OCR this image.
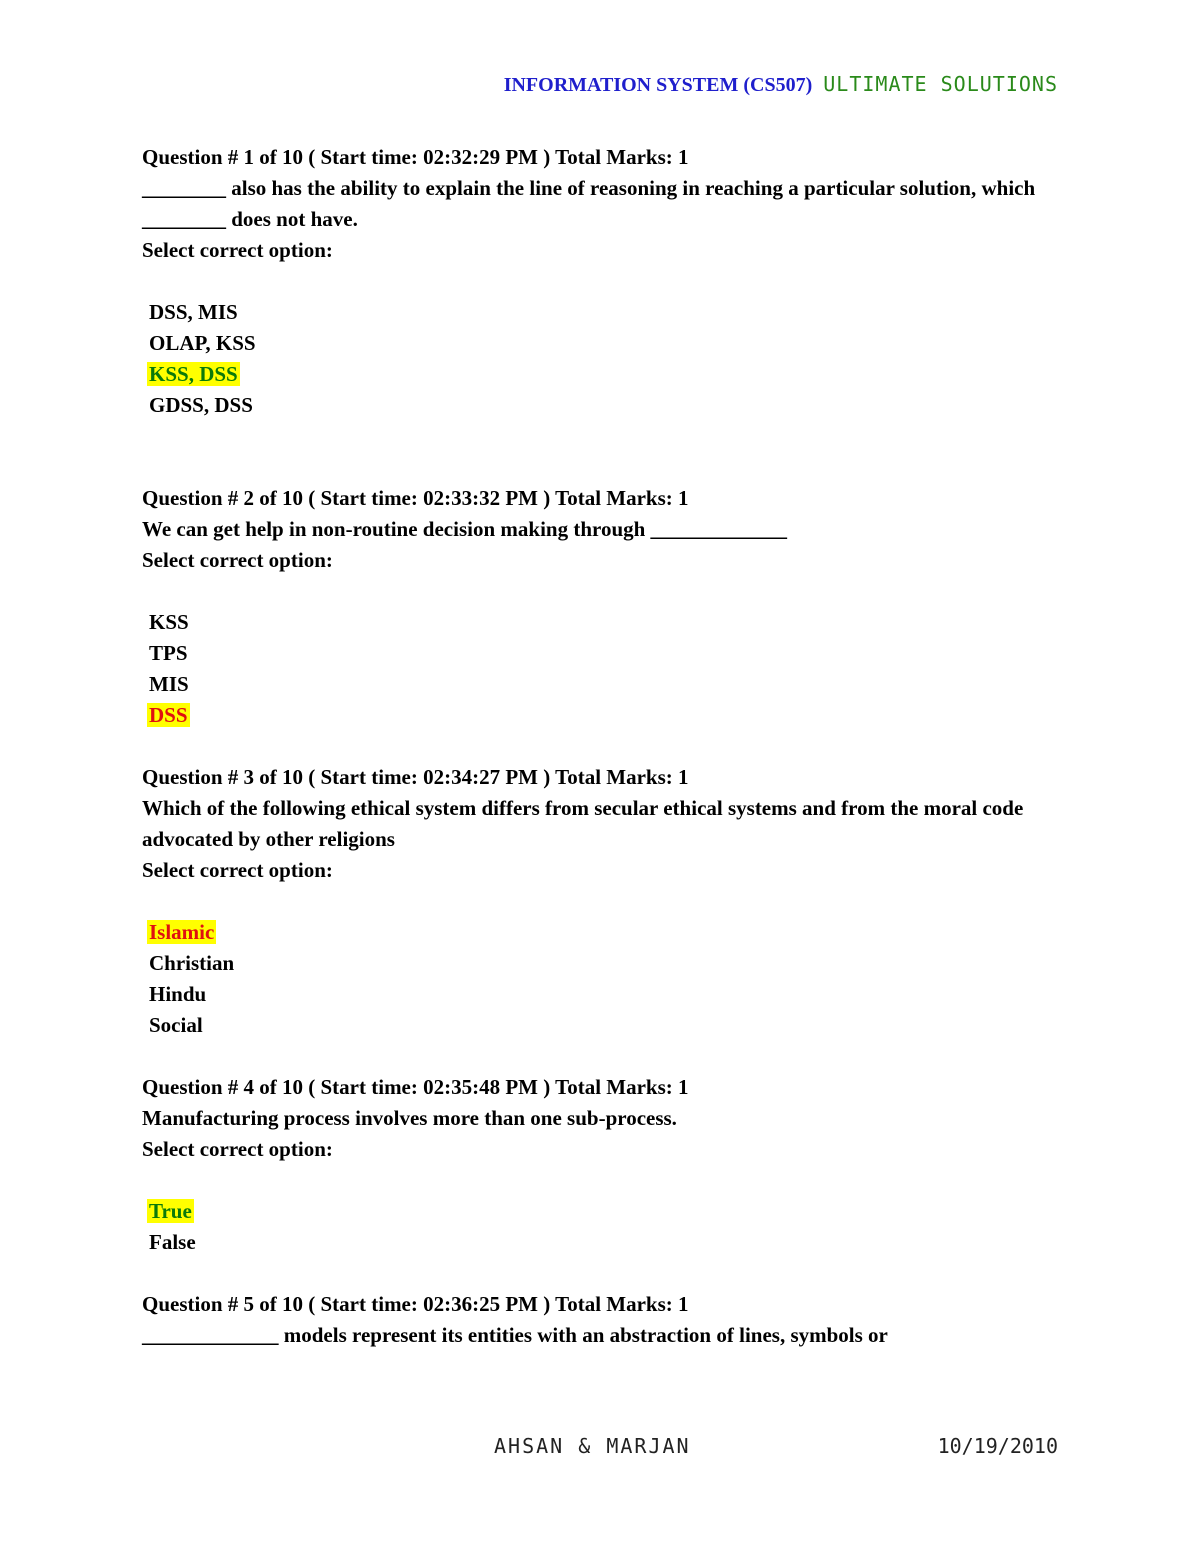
INFORMATION SYSTEM (CS507) ULTIMATE SOLUTIONS
Question # 1 of 10 ( Start time: 02:32:29 PM ) Total Marks: 1
________ also has the ability to explain the line of reasoning in reaching a particular solution, which ________ does not have.
Select correct option:
DSS, MIS
OLAP, KSS
KSS, DSS
GDSS, DSS
Question # 2 of 10 ( Start time: 02:33:32 PM ) Total Marks: 1
We can get help in non-routine decision making through _____________
Select correct option:
KSS
TPS
MIS
DSS
Question # 3 of 10 ( Start time: 02:34:27 PM ) Total Marks: 1
Which of the following ethical system differs from secular ethical systems and from the moral code advocated by other religions
Select correct option:
Islamic
Christian
Hindu
Social
Question # 4 of 10 ( Start time: 02:35:48 PM ) Total Marks: 1
Manufacturing process involves more than one sub-process.
Select correct option:
True
False
Question # 5 of 10 ( Start time: 02:36:25 PM ) Total Marks: 1
_____________ models represent its entities with an abstraction of lines, symbols or
AHSAN & MARJAN	10/19/2010
